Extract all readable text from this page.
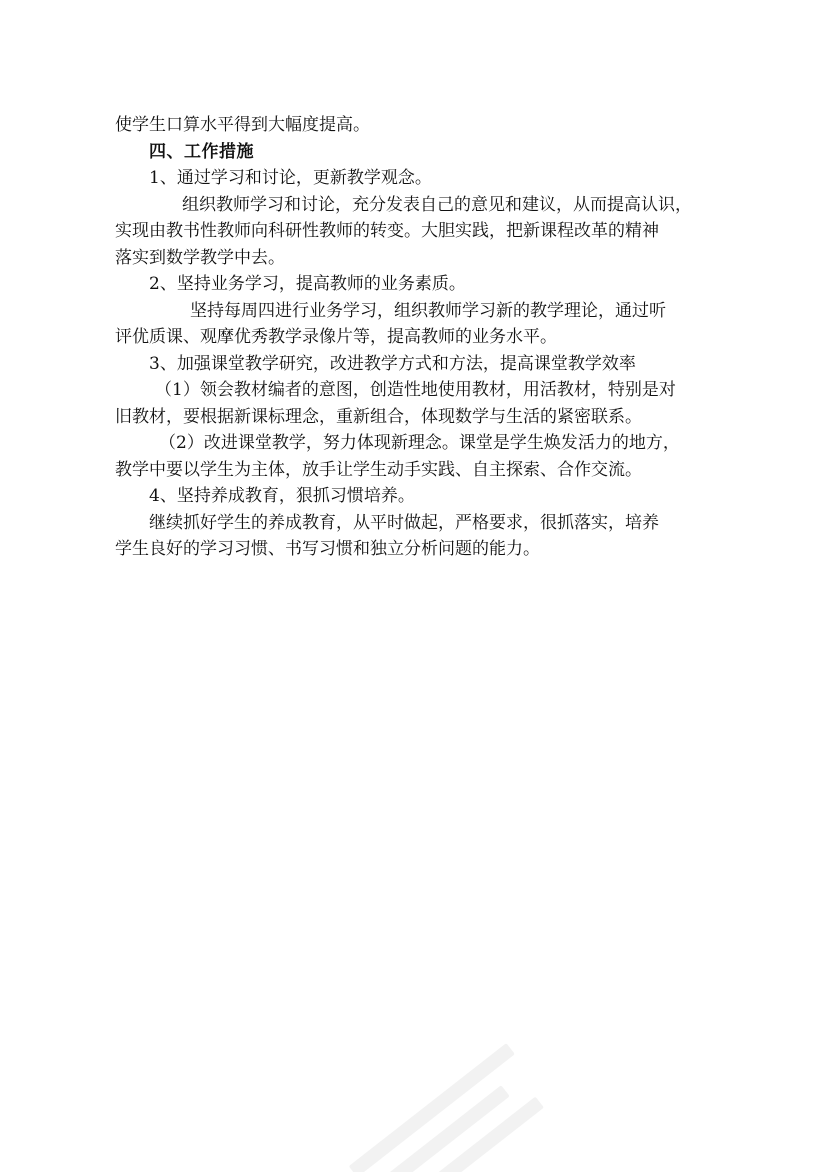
使学生口算水平得到大幅度提高。
四、工作措施
1、通过学习和讨论，更新教学观念。
组织教师学习和讨论，充分发表自己的意见和建议，从而提高认识，
实现由教书性教师向科研性教师的转变。大胆实践，把新课程改革的精神
落实到数学教学中去。
2、坚持业务学习，提高教师的业务素质。
坚持每周四进行业务学习，组织教师学习新的教学理论，通过听
评优质课、观摩优秀教学录像片等，提高教师的业务水平。
3、加强课堂教学研究，改进教学方式和方法，提高课堂教学效率
（1）领会教材编者的意图，创造性地使用教材，用活教材，特别是对
旧教材，要根据新课标理念，重新组合，体现数学与生活的紧密联系。
（2）改进课堂教学，努力体现新理念。课堂是学生焕发活力的地方，
教学中要以学生为主体，放手让学生动手实践、自主探索、合作交流。
4、坚持养成教育，狠抓习惯培养。
继续抓好学生的养成教育，从平时做起，严格要求，很抓落实，培养
学生良好的学习习惯、书写习惯和独立分析问题的能力。
